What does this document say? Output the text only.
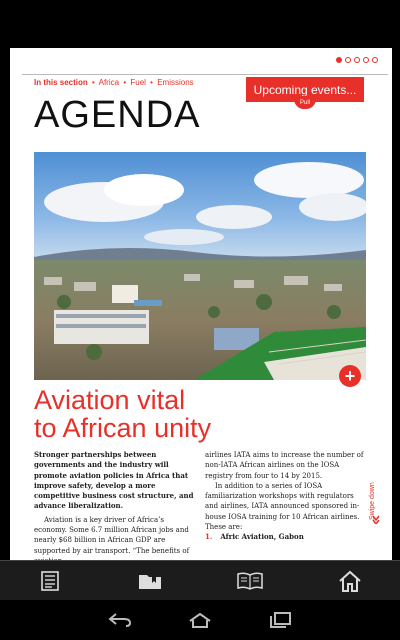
In this section • Africa • Fuel • Emissions	Upcoming events...
Pull
AGENDA
+
Aviation vital
to African unity

Stronger partnerships between governments and the industry will promote aviation policies in Africa that improve safety, develop a more competitive business cost structure, and advance liberalization.

Aviation is a key driver of Africa’s economy. Some 6.7 million African jobs and nearly $68 billion in African GDP are supported by air transport. “The benefits of

airlines IATA aims to increase the number of non-IATA African airlines on the IOSA registry from four to 14 by 2015.

In addition to a series of IOSA familiarization workshops with regulators and airlines, IATA announced sponsored in-house IOSA training for 10 African airlines. These are:

1. Afric Aviation, Gabon

Swipe down
